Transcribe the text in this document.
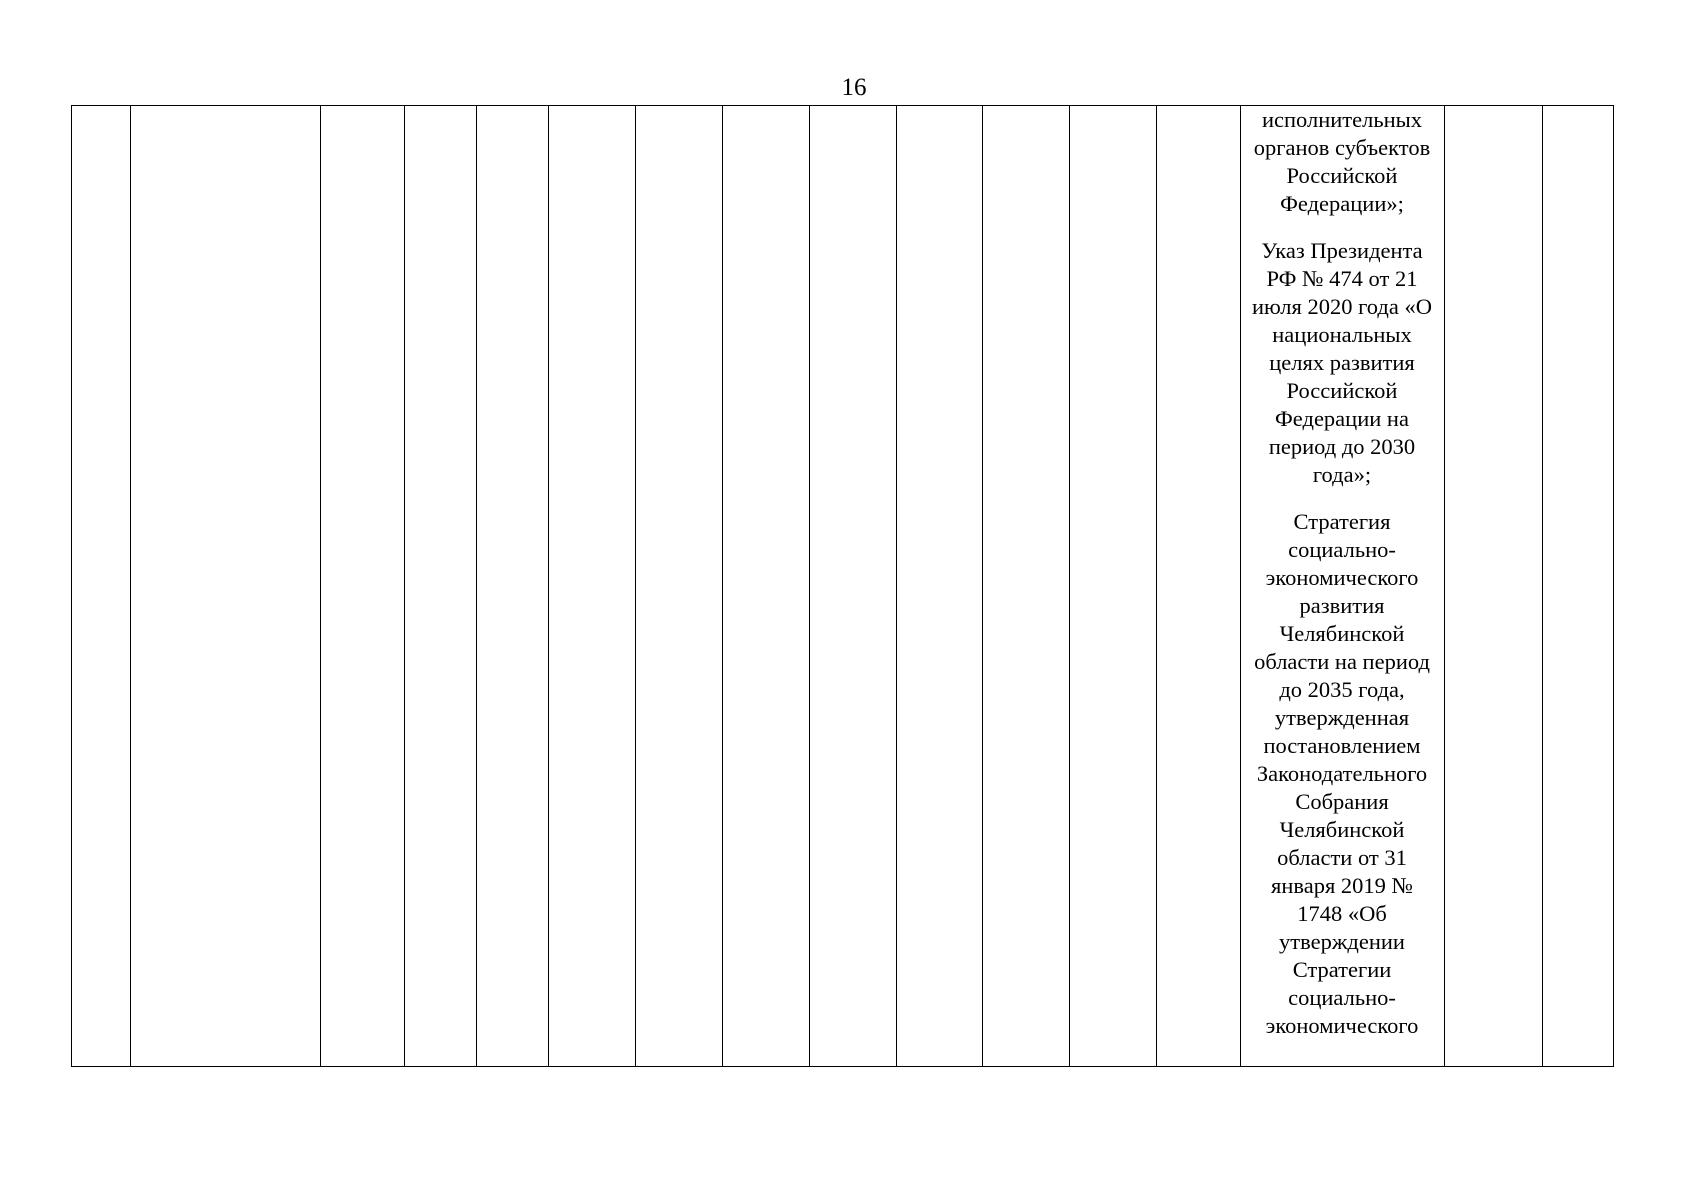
16
исполнительных
органов субъектов
Российской
Федерации»;
Указ Президента
РФ № 474 от 21
июля 2020 года «О
национальных
целях развития
Российской
Федерации на
период до 2030
года»;
Стратегия
социально-
экономического
развития
Челябинской
области на период
до 2035 года,
утвержденная
постановлением
Законодательного
Собрания
Челябинской
области от 31
января 2019 №
1748 «Об
утверждении
Стратегии
социально-
экономического
